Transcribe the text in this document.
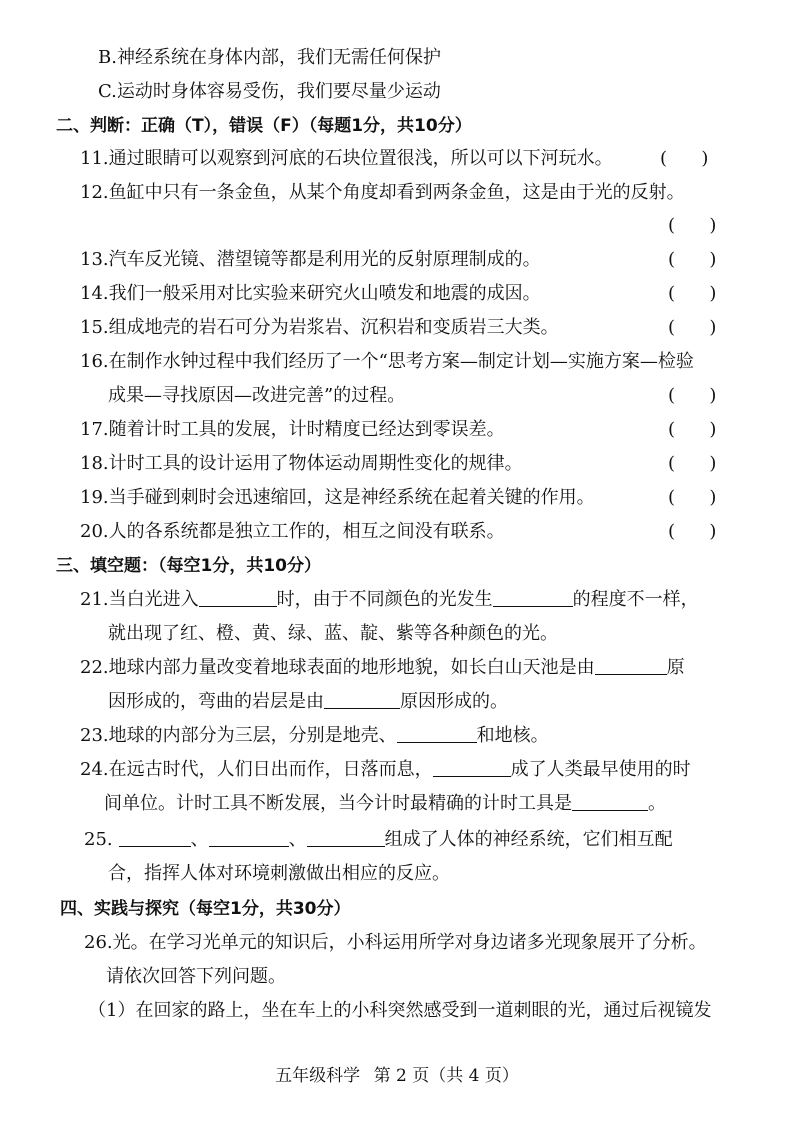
B.神经系统在身体内部，我们无需任何保护
C.运动时身体容易受伤，我们要尽量少运动
二、判断：正确（T），错误（F）（每题1分，共10分）
11.通过眼睛可以观察到河底的石块位置很浅，所以可以下河玩水。	(      )
12.鱼缸中只有一条金鱼，从某个角度却看到两条金鱼，这是由于光的反射。
(      )
13.汽车反光镜、潜望镜等都是利用光的反射原理制成的。	(      )
14.我们一般采用对比实验来研究火山喷发和地震的成因。	(      )
15.组成地壳的岩石可分为岩浆岩、沉积岩和变质岩三大类。	(      )
16.在制作水钟过程中我们经历了一个“思考方案—制定计划—实施方案—检验
成果—寻找原因—改进完善”的过程。	(      )
17.随着计时工具的发展，计时精度已经达到零误差。	(      )
18.计时工具的设计运用了物体运动周期性变化的规律。	(      )
19.当手碰到刺时会迅速缩回，这是神经系统在起着关键的作用。	(      )
20.人的各系统都是独立工作的，相互之间没有联系。	(      )
三、填空题：（每空1分，共10分）
21.当白光进入	时，由于不同颜色的光发生	的程度不一样，
就出现了红、橙、黄、绿、蓝、靛、紫等各种颜色的光。
22.地球内部力量改变着地球表面的地形地貌，如长白山天池是由	原
因形成的，弯曲的岩层是由	原因形成的。
23.地球的内部分为三层，分别是地壳、	和地核。
24.在远古时代，人们日出而作，日落而息，	成了人类最早使用的时
间单位。计时工具不断发展，当今计时最精确的计时工具是	。
25.	、	、	组成了人体的神经系统，它们相互配
合，指挥人体对环境刺激做出相应的反应。
四、实践与探究（每空1分，共30分）
26.光。在学习光单元的知识后，小科运用所学对身边诸多光现象展开了分析。
请依次回答下列问题。
（1）在回家的路上，坐在车上的小科突然感受到一道刺眼的光，通过后视镜发
五年级科学 第 2 页（共 4 页）
